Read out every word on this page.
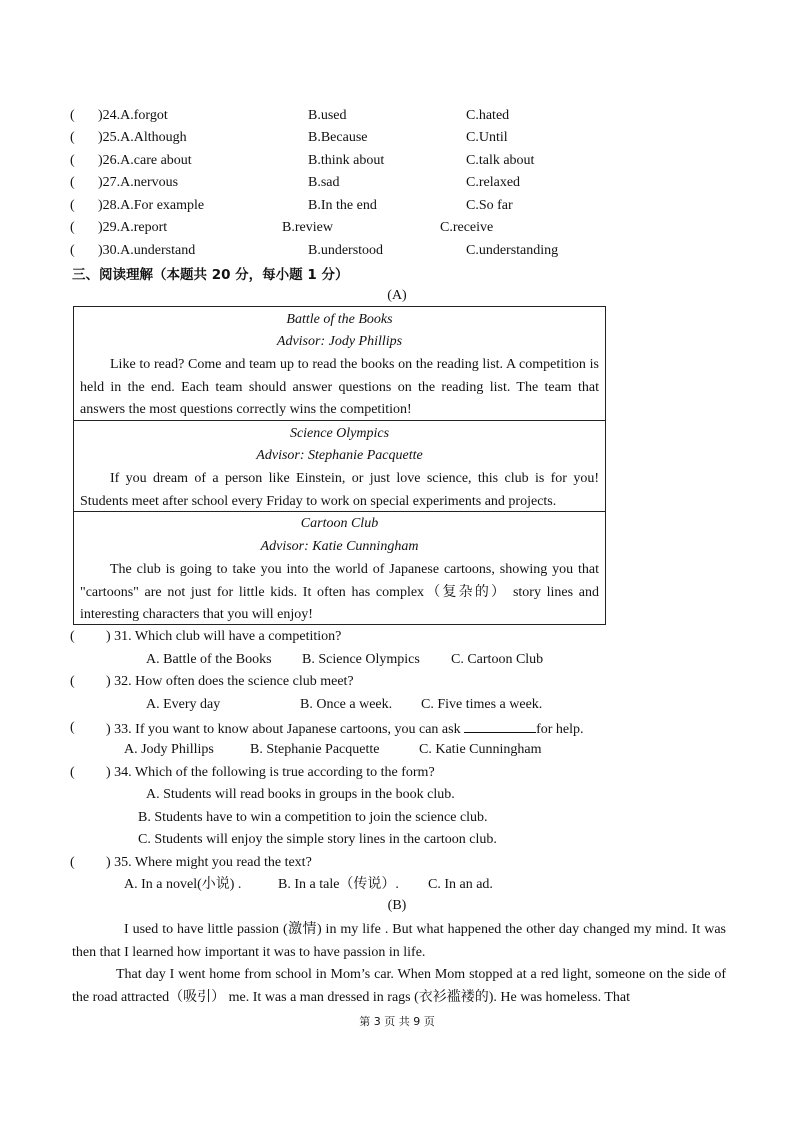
( )24.A.forgot	B.used	C.hated
( )25.A.Although	B.Because	C.Until
( )26.A.care about	B.think about	C.talk about
( )27.A.nervous	B.sad	C.relaxed
( )28.A.For example	B.In the end	C.So far
( )29.A.report	B.review	C.receive
( )30.A.understand	B.understood	C.understanding
三、阅读理解（本题共 20 分，每小题 1 分）
(A)
Battle of the Books
Advisor: Jody Phillips
Like to read? Come and team up to read the books on the reading list. A competition is held in the end. Each team should answer questions on the reading list. The team that answers the most questions correctly wins the competition!
Science Olympics
Advisor: Stephanie Pacquette
If you dream of a person like Einstein, or just love science, this club is for you! Students meet after school every Friday to work on special experiments and projects.
Cartoon Club
Advisor: Katie Cunningham
The club is going to take you into the world of Japanese cartoons, showing you that "cartoons" are not just for little kids. It often has complex（复杂的） story lines and interesting characters that you will enjoy!
( ) 31. Which club will have a competition?
A. Battle of the Books B. Science Olympics C. Cartoon Club
( ) 32. How often does the science club meet?
A. Every day	B. Once a week. C. Five times a week.
( ) 33. If you want to know about Japanese cartoons, you can ask	for help.
A. Jody Phillips	B. Stephanie Pacquette	C. Katie Cunningham
( ) 34. Which of the following is true according to the form?
A. Students will read books in groups in the book club.
B. Students have to win a competition to join the science club.
C. Students will enjoy the simple story lines in the cartoon club.
( ) 35. Where might you read the text?
A. In a novel(小说) .	B. In a tale（传说）. C. In an ad.
(B)
I used to have little passion (激情) in my life . But what happened the other day changed my mind. It was then that I learned how important it was to have passion in life.
That day I went home from school in Mom’s car. When Mom stopped at a red light, someone on the side of the road attracted（吸引） me. It was a man dressed in rags (衣衫褴褛的). He was homeless. That
第 3 页 共 9 页
